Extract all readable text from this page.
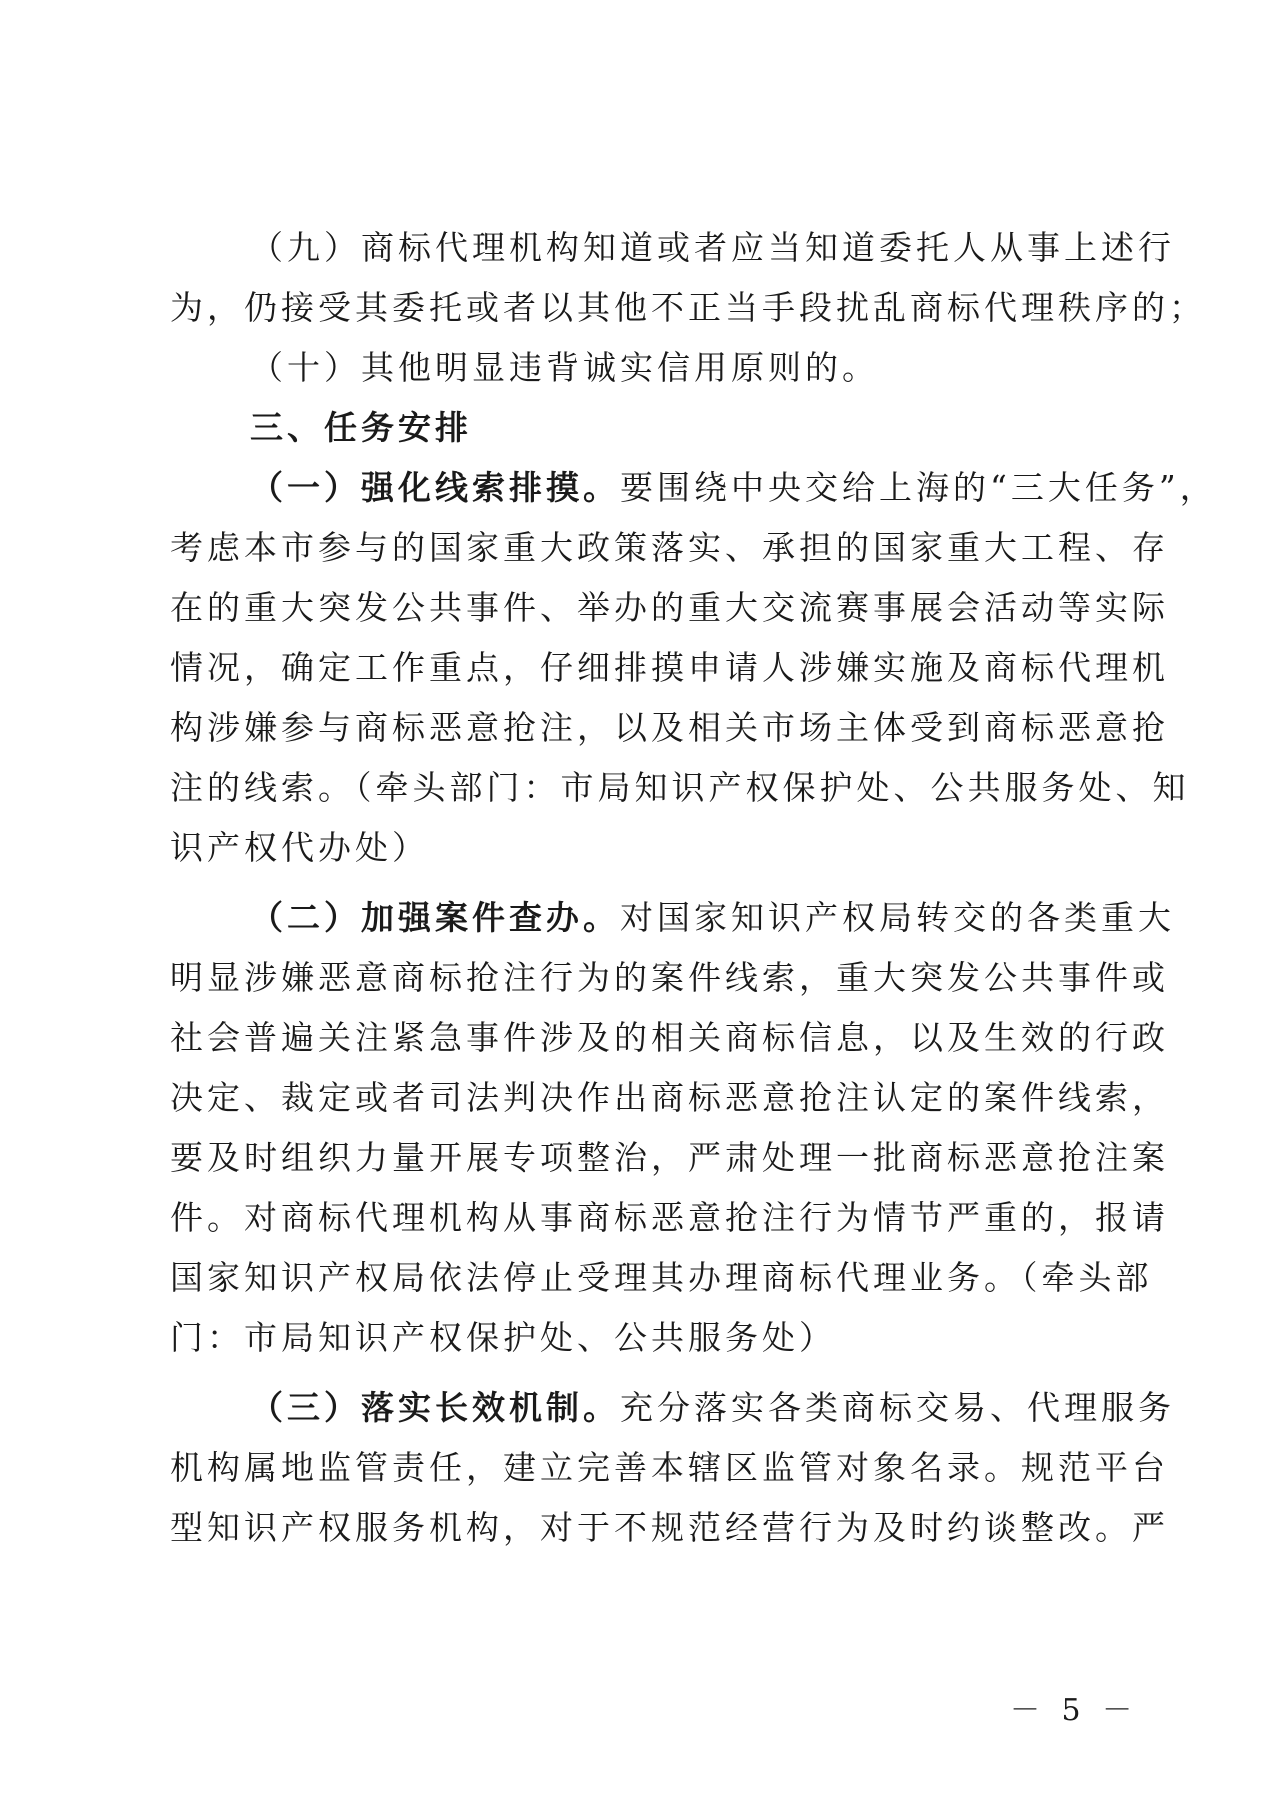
（九）商标代理机构知道或者应当知道委托人从事上述行
为，仍接受其委托或者以其他不正当手段扰乱商标代理秩序的；
（十）其他明显违背诚实信用原则的。
三、任务安排
（一）强化线索排摸。要围绕中央交给上海的“三大任务”，
考虑本市参与的国家重大政策落实、承担的国家重大工程、存
在的重大突发公共事件、举办的重大交流赛事展会活动等实际
情况，确定工作重点，仔细排摸申请人涉嫌实施及商标代理机
构涉嫌参与商标恶意抢注，以及相关市场主体受到商标恶意抢
注的线索。（牵头部门：市局知识产权保护处、公共服务处、知
识产权代办处）
（二）加强案件查办。对国家知识产权局转交的各类重大
明显涉嫌恶意商标抢注行为的案件线索，重大突发公共事件或
社会普遍关注紧急事件涉及的相关商标信息，以及生效的行政
决定、裁定或者司法判决作出商标恶意抢注认定的案件线索，
要及时组织力量开展专项整治，严肃处理一批商标恶意抢注案
件。对商标代理机构从事商标恶意抢注行为情节严重的，报请
国家知识产权局依法停止受理其办理商标代理业务。（牵头部
门：市局知识产权保护处、公共服务处）
（三）落实长效机制。充分落实各类商标交易、代理服务
机构属地监管责任，建立完善本辖区监管对象名录。规范平台
型知识产权服务机构，对于不规范经营行为及时约谈整改。严
－ 5 －
